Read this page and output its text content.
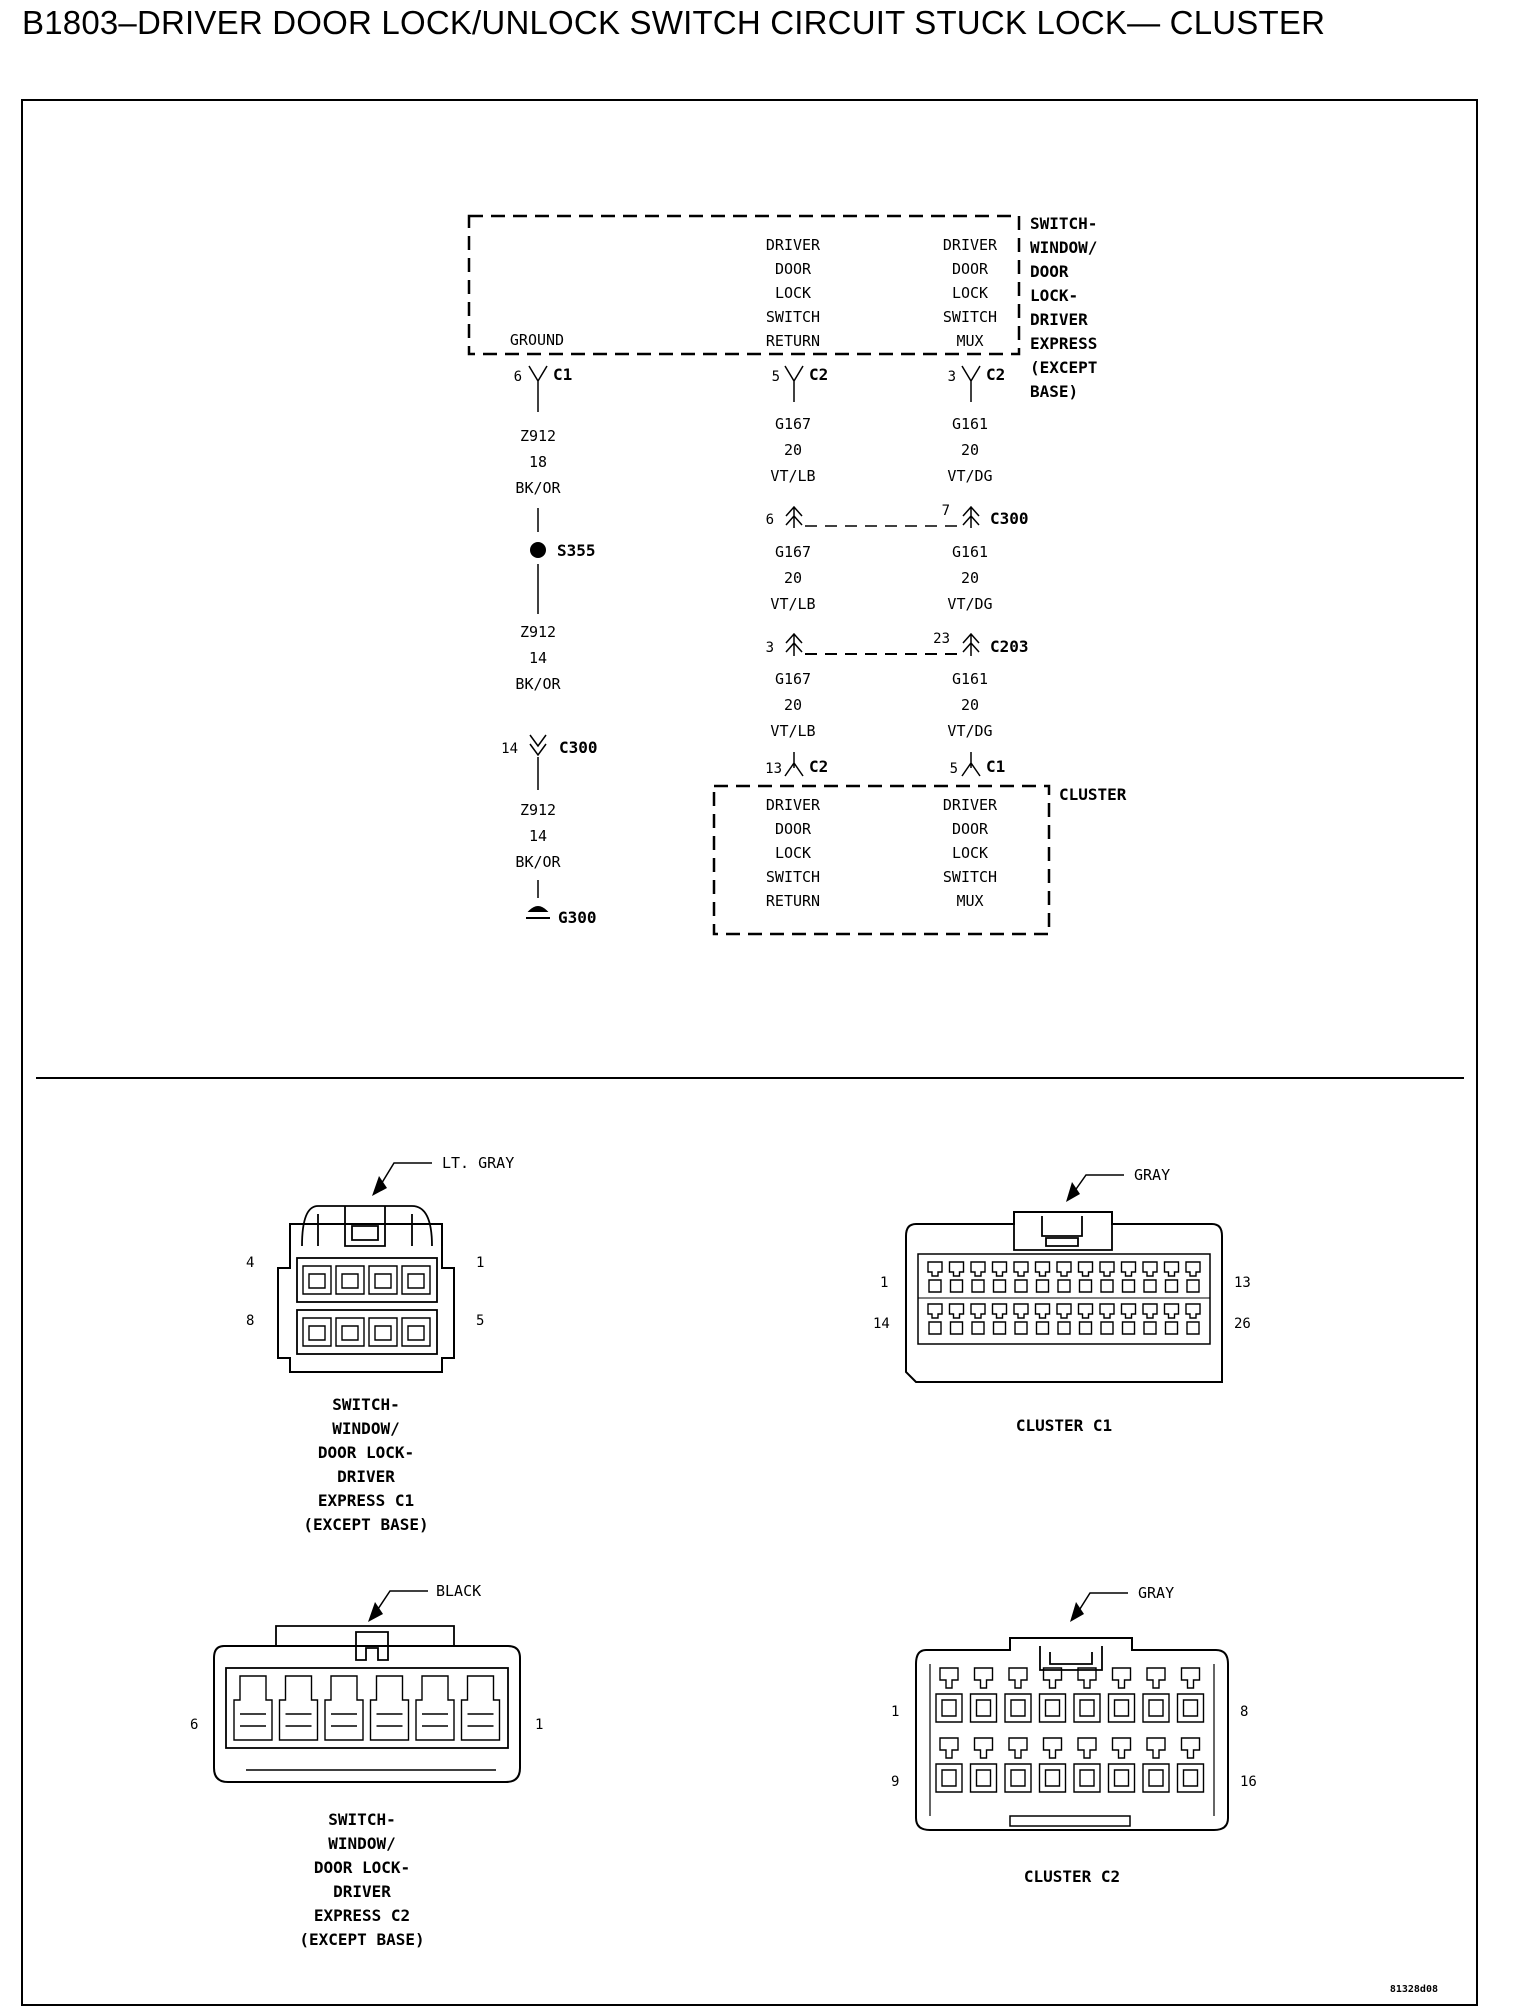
B1803–DRIVER DOOR LOCK/UNLOCK SWITCH CIRCUIT STUCK LOCK— CLUSTER
SWITCH-WINDOW/ DOOR LOCK-DRIVER EXPRESS (EXCEPT BASE)
GROUND
DRIVER DOOR LOCK SWITCH RETURN
DRIVER DOOR LOCK SWITCH MUX
6 C1
Z912 18 BK/OR
S355
Z912 14 BK/OR
14	C300
Z912 14 BK/OR
G300
5 C2
G167 20 VT/LB
6
G167 20 VT/LB
3
G167 20 VT/LB
13 C2
3 C2
G161 20 VT/DG
7	C300
G161 20 VT/DG
23	C203
G161 20 VT/DG
5 C1
CLUSTER
DRIVER DOOR LOCK SWITCH RETURN
DRIVER DOOR LOCK SWITCH MUX
LT. GRAY
4	1
8	5
SWITCH-WINDOW/ DOOR LOCK-DRIVER EXPRESS C1 (EXCEPT BASE)
GRAY
1	13
14	26
CLUSTER C1
BLACK
6	1
SWITCH-WINDOW/ DOOR LOCK-DRIVER EXPRESS C2 (EXCEPT BASE)
GRAY
1	8
9	16
CLUSTER C2
81328d08
